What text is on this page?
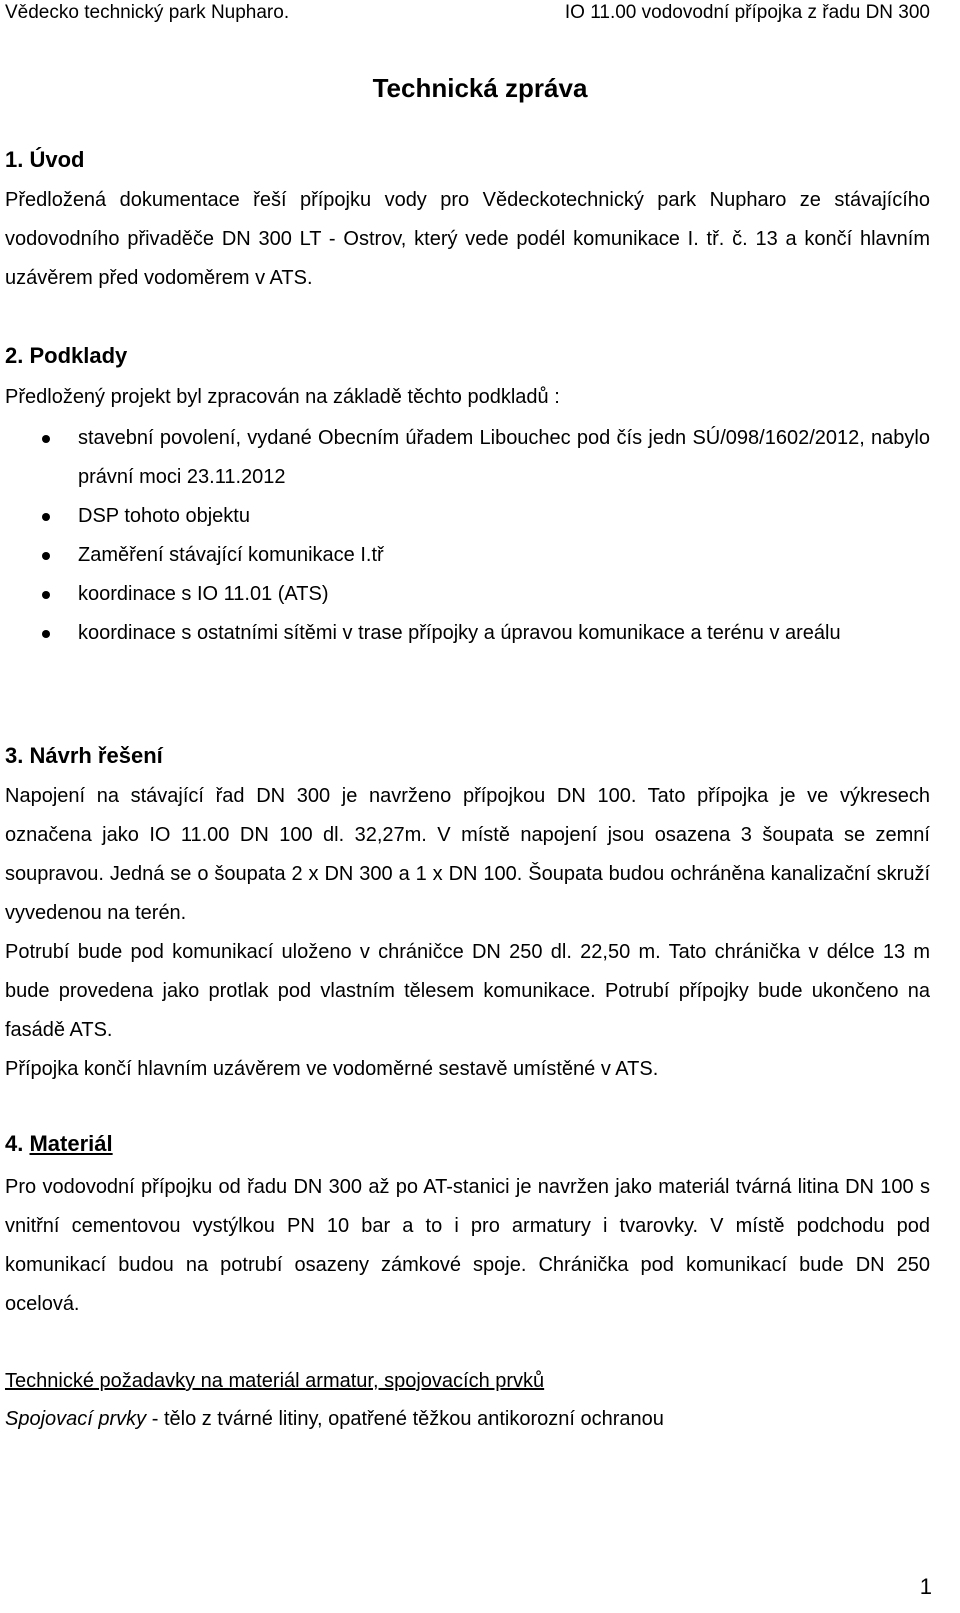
Vědecko technický park Nupharo.	IO 11.00 vodovodní přípojka z řadu DN 300
Technická zpráva
1. Úvod
Předložená dokumentace řeší přípojku vody pro Vědeckotechnický park Nupharo ze stávajícího vodovodního přivaděče DN 300 LT - Ostrov, který vede podél komunikace I. tř. č. 13 a končí hlavním uzávěrem před vodoměrem v ATS.
2. Podklady
Předložený projekt byl zpracován na základě těchto podkladů :
stavební povolení, vydané Obecním úřadem Libouchec pod čís jedn SÚ/098/1602/2012, nabylo právní moci 23.11.2012
DSP tohoto objektu
Zaměření stávající komunikace I.tř
koordinace s IO 11.01 (ATS)
koordinace s ostatními sítěmi v trase přípojky a úpravou komunikace a terénu v areálu
3. Návrh řešení
Napojení na stávající řad DN 300 je navrženo přípojkou DN 100. Tato přípojka je ve výkresech označena jako IO 11.00 DN 100 dl. 32,27m. V místě napojení jsou osazena 3 šoupata se zemní soupravou. Jedná se o šoupata 2 x DN 300 a 1 x DN 100. Šoupata budou ochráněna kanalizační skruží vyvedenou na terén.
Potrubí bude pod komunikací uloženo v chráničce DN 250 dl. 22,50 m. Tato chránička v délce 13 m bude provedena jako protlak pod vlastním tělesem komunikace. Potrubí přípojky bude ukončeno na fasádě ATS.
Přípojka končí hlavním uzávěrem ve vodoměrné sestavě umístěné v ATS.
4. Materiál
Pro vodovodní přípojku od řadu DN 300 až po AT-stanici je navržen jako materiál tvárná litina DN 100 s vnitřní cementovou vystýlkou PN 10 bar a to i pro armatury i tvarovky. V místě podchodu pod komunikací budou na potrubí osazeny zámkové spoje. Chránička pod komunikací bude DN 250 ocelová.
Technické požadavky na materiál armatur, spojovacích prvků
Spojovací prvky - tělo z tvárné litiny, opatřené těžkou antikorozní ochranou
1
